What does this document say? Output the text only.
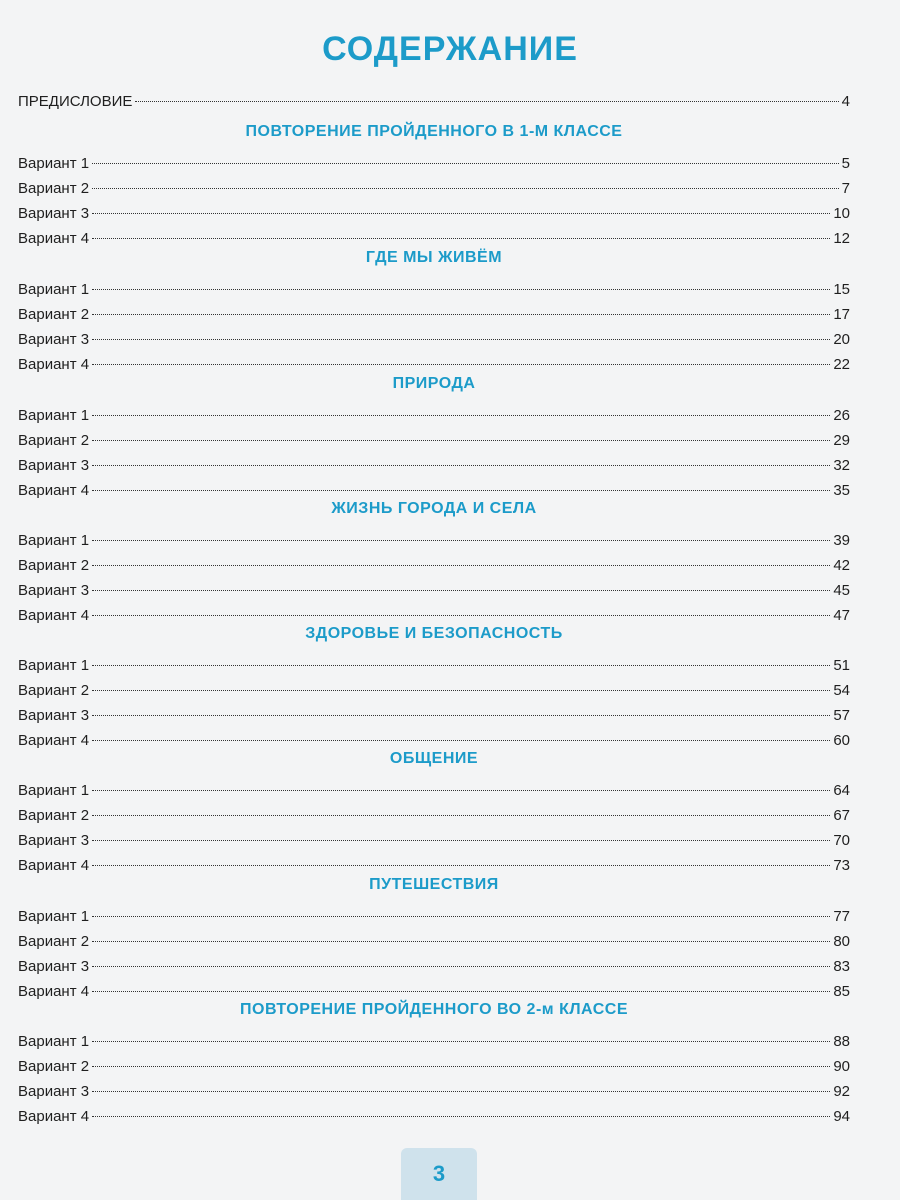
СОДЕРЖАНИЕ
ПРЕДИСЛОВИЕ	4
ПОВТОРЕНИЕ ПРОЙДЕННОГО В 1-М КЛАССЕ
Вариант 1	5
Вариант 2	7
Вариант 3	10
Вариант 4	12
ГДЕ МЫ ЖИВЁМ
Вариант 1	15
Вариант 2	17
Вариант 3	20
Вариант 4	22
ПРИРОДА
Вариант 1	26
Вариант 2	29
Вариант 3	32
Вариант 4	35
ЖИЗНЬ ГОРОДА И СЕЛА
Вариант 1	39
Вариант 2	42
Вариант 3	45
Вариант 4	47
ЗДОРОВЬЕ И БЕЗОПАСНОСТЬ
Вариант 1	51
Вариант 2	54
Вариант 3	57
Вариант 4	60
ОБЩЕНИЕ
Вариант 1	64
Вариант 2	67
Вариант 3	70
Вариант 4	73
ПУТЕШЕСТВИЯ
Вариант 1	77
Вариант 2	80
Вариант 3	83
Вариант 4	85
ПОВТОРЕНИЕ ПРОЙДЕННОГО ВО 2-м КЛАССЕ
Вариант 1	88
Вариант 2	90
Вариант 3	92
Вариант 4	94
3
